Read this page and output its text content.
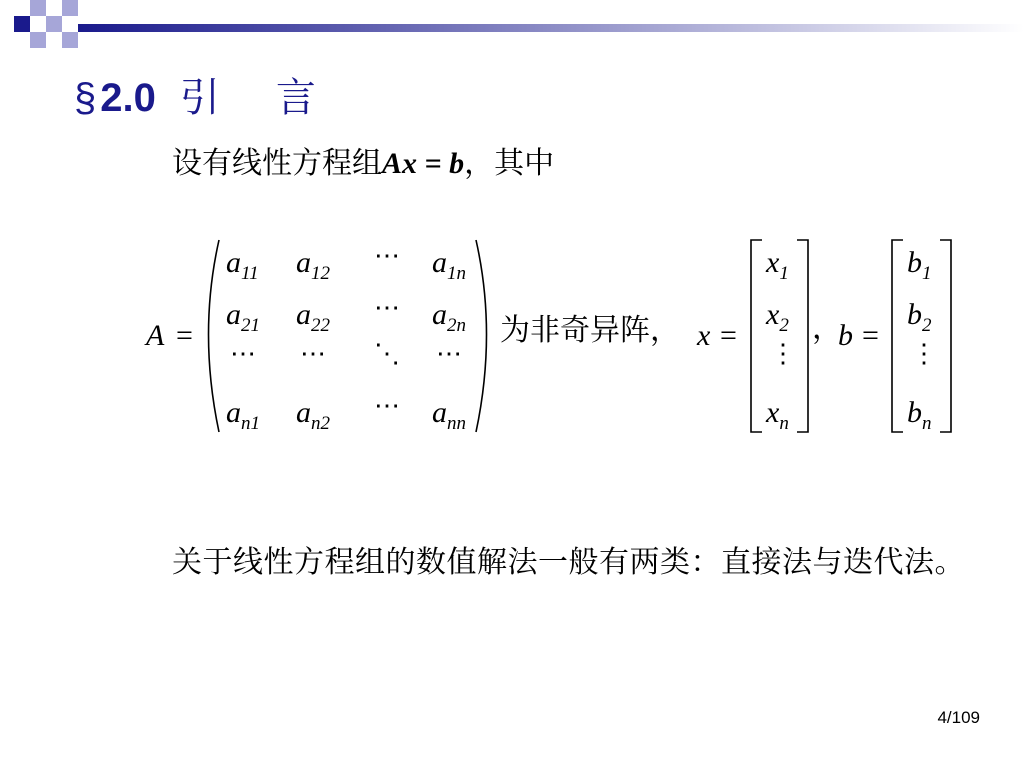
§ 2.0 引言
设有线性方程组Ax = b，其中
A =
$a_{11}$ $a_{12}$
⋯ $a_{1n}$
$a_{21}$ $a_{22}$
⋯ $a_{2n}$
⋯ ⋯ ⋱ ⋯
$a_{n1}$ $a_{n2}$
⋯ $a_{nn}$
为非奇异阵， x =
$x_1$
$x_2$
⋮
$x_n$
，
b =
$b_1$
$b_2$
⋮
$b_n$
关于线性方程组的数值解法一般有两类：直接法与迭代法。
4/109
